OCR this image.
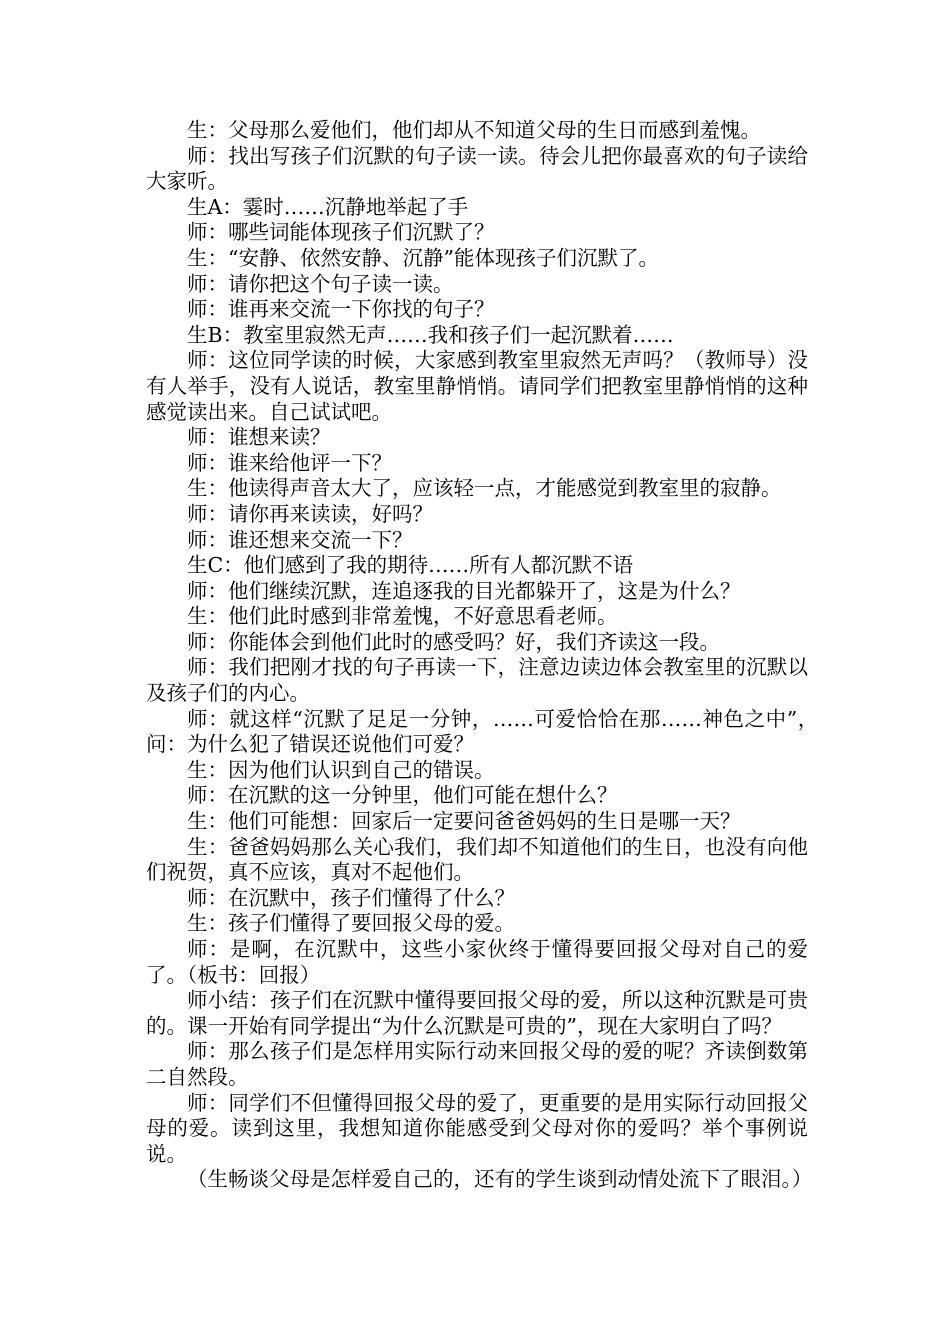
生：父母那么爱他们，他们却从不知道父母的生日而感到羞愧。

师：找出写孩子们沉默的句子读一读。待会儿把你最喜欢的句子读给大家听。

生A：霎时……沉静地举起了手

师：哪些词能体现孩子们沉默了？

生：“安静、依然安静、沉静”能体现孩子们沉默了。

师：请你把这个句子读一读。

师：谁再来交流一下你找的句子？

生B：教室里寂然无声……我和孩子们一起沉默着……

师：这位同学读的时候，大家感到教室里寂然无声吗？（教师导）没有人举手，没有人说话，教室里静悄悄。请同学们把教室里静悄悄的这种感觉读出来。自己试试吧。

师：谁想来读？

师：谁来给他评一下？

生：他读得声音太大了，应该轻一点，才能感觉到教室里的寂静。

师：请你再来读读，好吗？

师：谁还想来交流一下？

生C：他们感到了我的期待……所有人都沉默不语

师：他们继续沉默，连追逐我的目光都躲开了，这是为什么？

生：他们此时感到非常羞愧，不好意思看老师。

师：你能体会到他们此时的感受吗？好，我们齐读这一段。

师：我们把刚才找的句子再读一下，注意边读边体会教室里的沉默以及孩子们的内心。

师：就这样“沉默了足足一分钟，……可爱恰恰在那……神色之中”，　　问：为什么犯了错误还说他们可爱？

生：因为他们认识到自己的错误。

师：在沉默的这一分钟里，他们可能在想什么？

生：他们可能想：回家后一定要问爸爸妈妈的生日是哪一天？

生：爸爸妈妈那么关心我们，我们却不知道他们的生日，也没有向他们祝贺，真不应该，真对不起他们。

师：在沉默中，孩子们懂得了什么？

生：孩子们懂得了要回报父母的爱。

师：是啊，在沉默中，这些小家伙终于懂得要回报父母对自己的爱了。（板书：回报）

师小结：孩子们在沉默中懂得要回报父母的爱，所以这种沉默是可贵的。课一开始有同学提出“为什么沉默是可贵的”，现在大家明白了吗？

师：那么孩子们是怎样用实际行动来回报父母的爱的呢？齐读倒数第二自然段。

师：同学们不但懂得回报父母的爱了，更重要的是用实际行动回报父母的爱。读到这里，我想知道你能感受到父母对你的爱吗？举个事例说说。

（生畅谈父母是怎样爱自己的，还有的学生谈到动情处流下了眼泪。）
